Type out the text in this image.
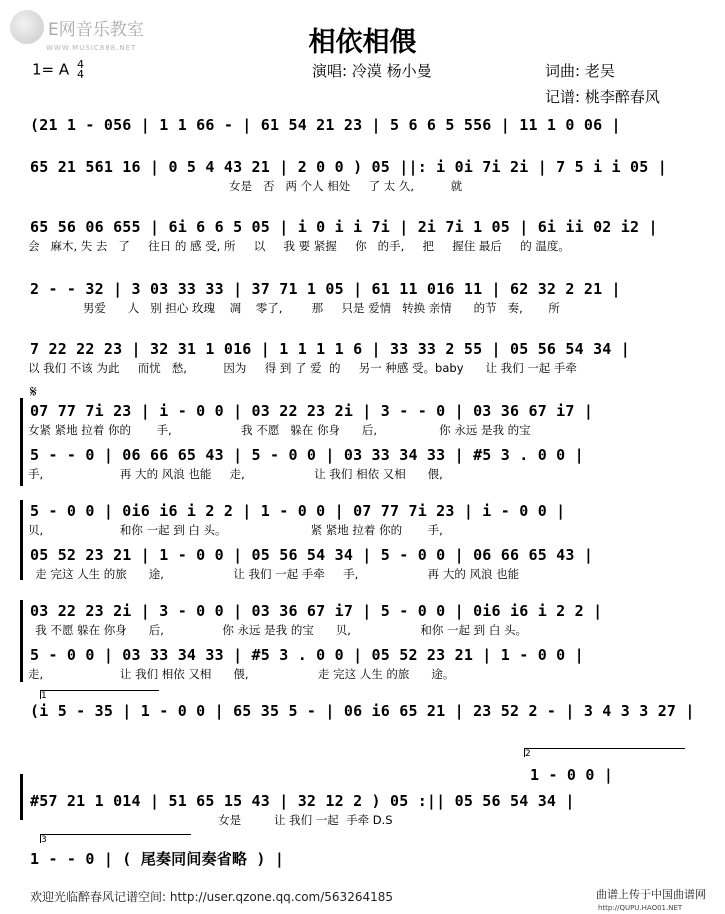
E网音乐教室
WWW.MUSIC888.NET	相依相偎
1= A 4
4	演唱: 冷漠 杨小曼	词曲: 老吴
记谱: 桃李醉春风
(21 1 - 056 | 1 1 66 - | 61 54 21 23 | 5 6 6 5 556 | 11 1 0 06 |
65 21 561 16 | 0 5 4 43 21 | 2 0 0 ) 05 ||: i 0i 7i 2i | 7 5 i i 05 |
女是   否   两 个人 相处     了 太 久,          就
65 56 06 655 | 6i 6 6 5 05 | i 0 i i 7i | 2i 7i 1 05 | 6i ii 02 i2 |
会   麻木, 失 去   了     往日 的 感 受, 所     以     我 要 紧握     你   的手,     把     握住 最后     的 温度。
2 - - 32 | 3 03 33 33 | 37 71 1 05 | 61 11 016 11 | 62 32 2 21 |
男爱      人   别 担心 玫瑰    凋    零了,        那     只是 爱情   转换 亲情      的节   奏,       所
7 22 22 23 | 32 31 1 016 | 1 1 1 1 6 | 33 33 2 55 | 05 56 54 34 |
以 我们 不该 为此     而忧   愁,          因为     得 到 了 爱  的     另一 种感 受。baby      让 我们 一起 手牵
𝄋
07 77 7i 23 | i - 0 0 | 03 22 23 2i | 3 - - 0 | 03 36 67 i7 |
女紧 紧地 拉着 你的       手,                   我 不愿   躲在 你身      后,                 你 永远 是我 的宝
5 - - 0 | 06 66 65 43 | 5 - 0 0 | 03 33 34 33 | #5 3 . 0 0 |
手,                     再 大的 风浪 也能     走,                   让 我们 相依 又相      偎,
5 - 0 0 | 0i6 i6 i 2 2 | 1 - 0 0 | 07 77 7i 23 | i - 0 0 |
贝,                     和你 一起 到 白 头。                       紧 紧地 拉着 你的       手,
05 52 23 21 | 1 - 0 0 | 05 56 54 34 | 5 - 0 0 | 06 66 65 43 |
走 完这 人生 的旅      途,                   让 我们 一起 手牵     手,                   再 大的 风浪 也能
03 22 23 2i | 3 - 0 0 | 03 36 67 i7 | 5 - 0 0 | 0i6 i6 i 2 2 |
我 不愿 躲在 你身      后,                你 永远 是我 的宝      贝,                   和你 一起 到 白 头。
5 - 0 0 | 03 33 34 33 | #5 3 . 0 0 | 05 52 23 21 | 1 - 0 0 |
走,                     让 我们 相依 又相      偎,                   走 完这 人生 的旅      途。
1
(i 5 - 35 | 1 - 0 0 | 65 35 5 - | 06 i6 65 21 | 23 52 2 - | 3 4 3 3 27 |
2
1 - 0 0 |
#57 21 1 014 | 51 65 15 43 | 32 12 2 ) 05 :|| 05 56 54 34 |
女是         让 我们 一起  手牵 D.S
3
1 - - 0 | ( 尾奏同间奏省略 ) |
欢迎光临醉春风记谱空间: http://user.qzone.qq.com/563264185	曲谱上传于中国曲谱网
http://QUPU.HAO01.NET
